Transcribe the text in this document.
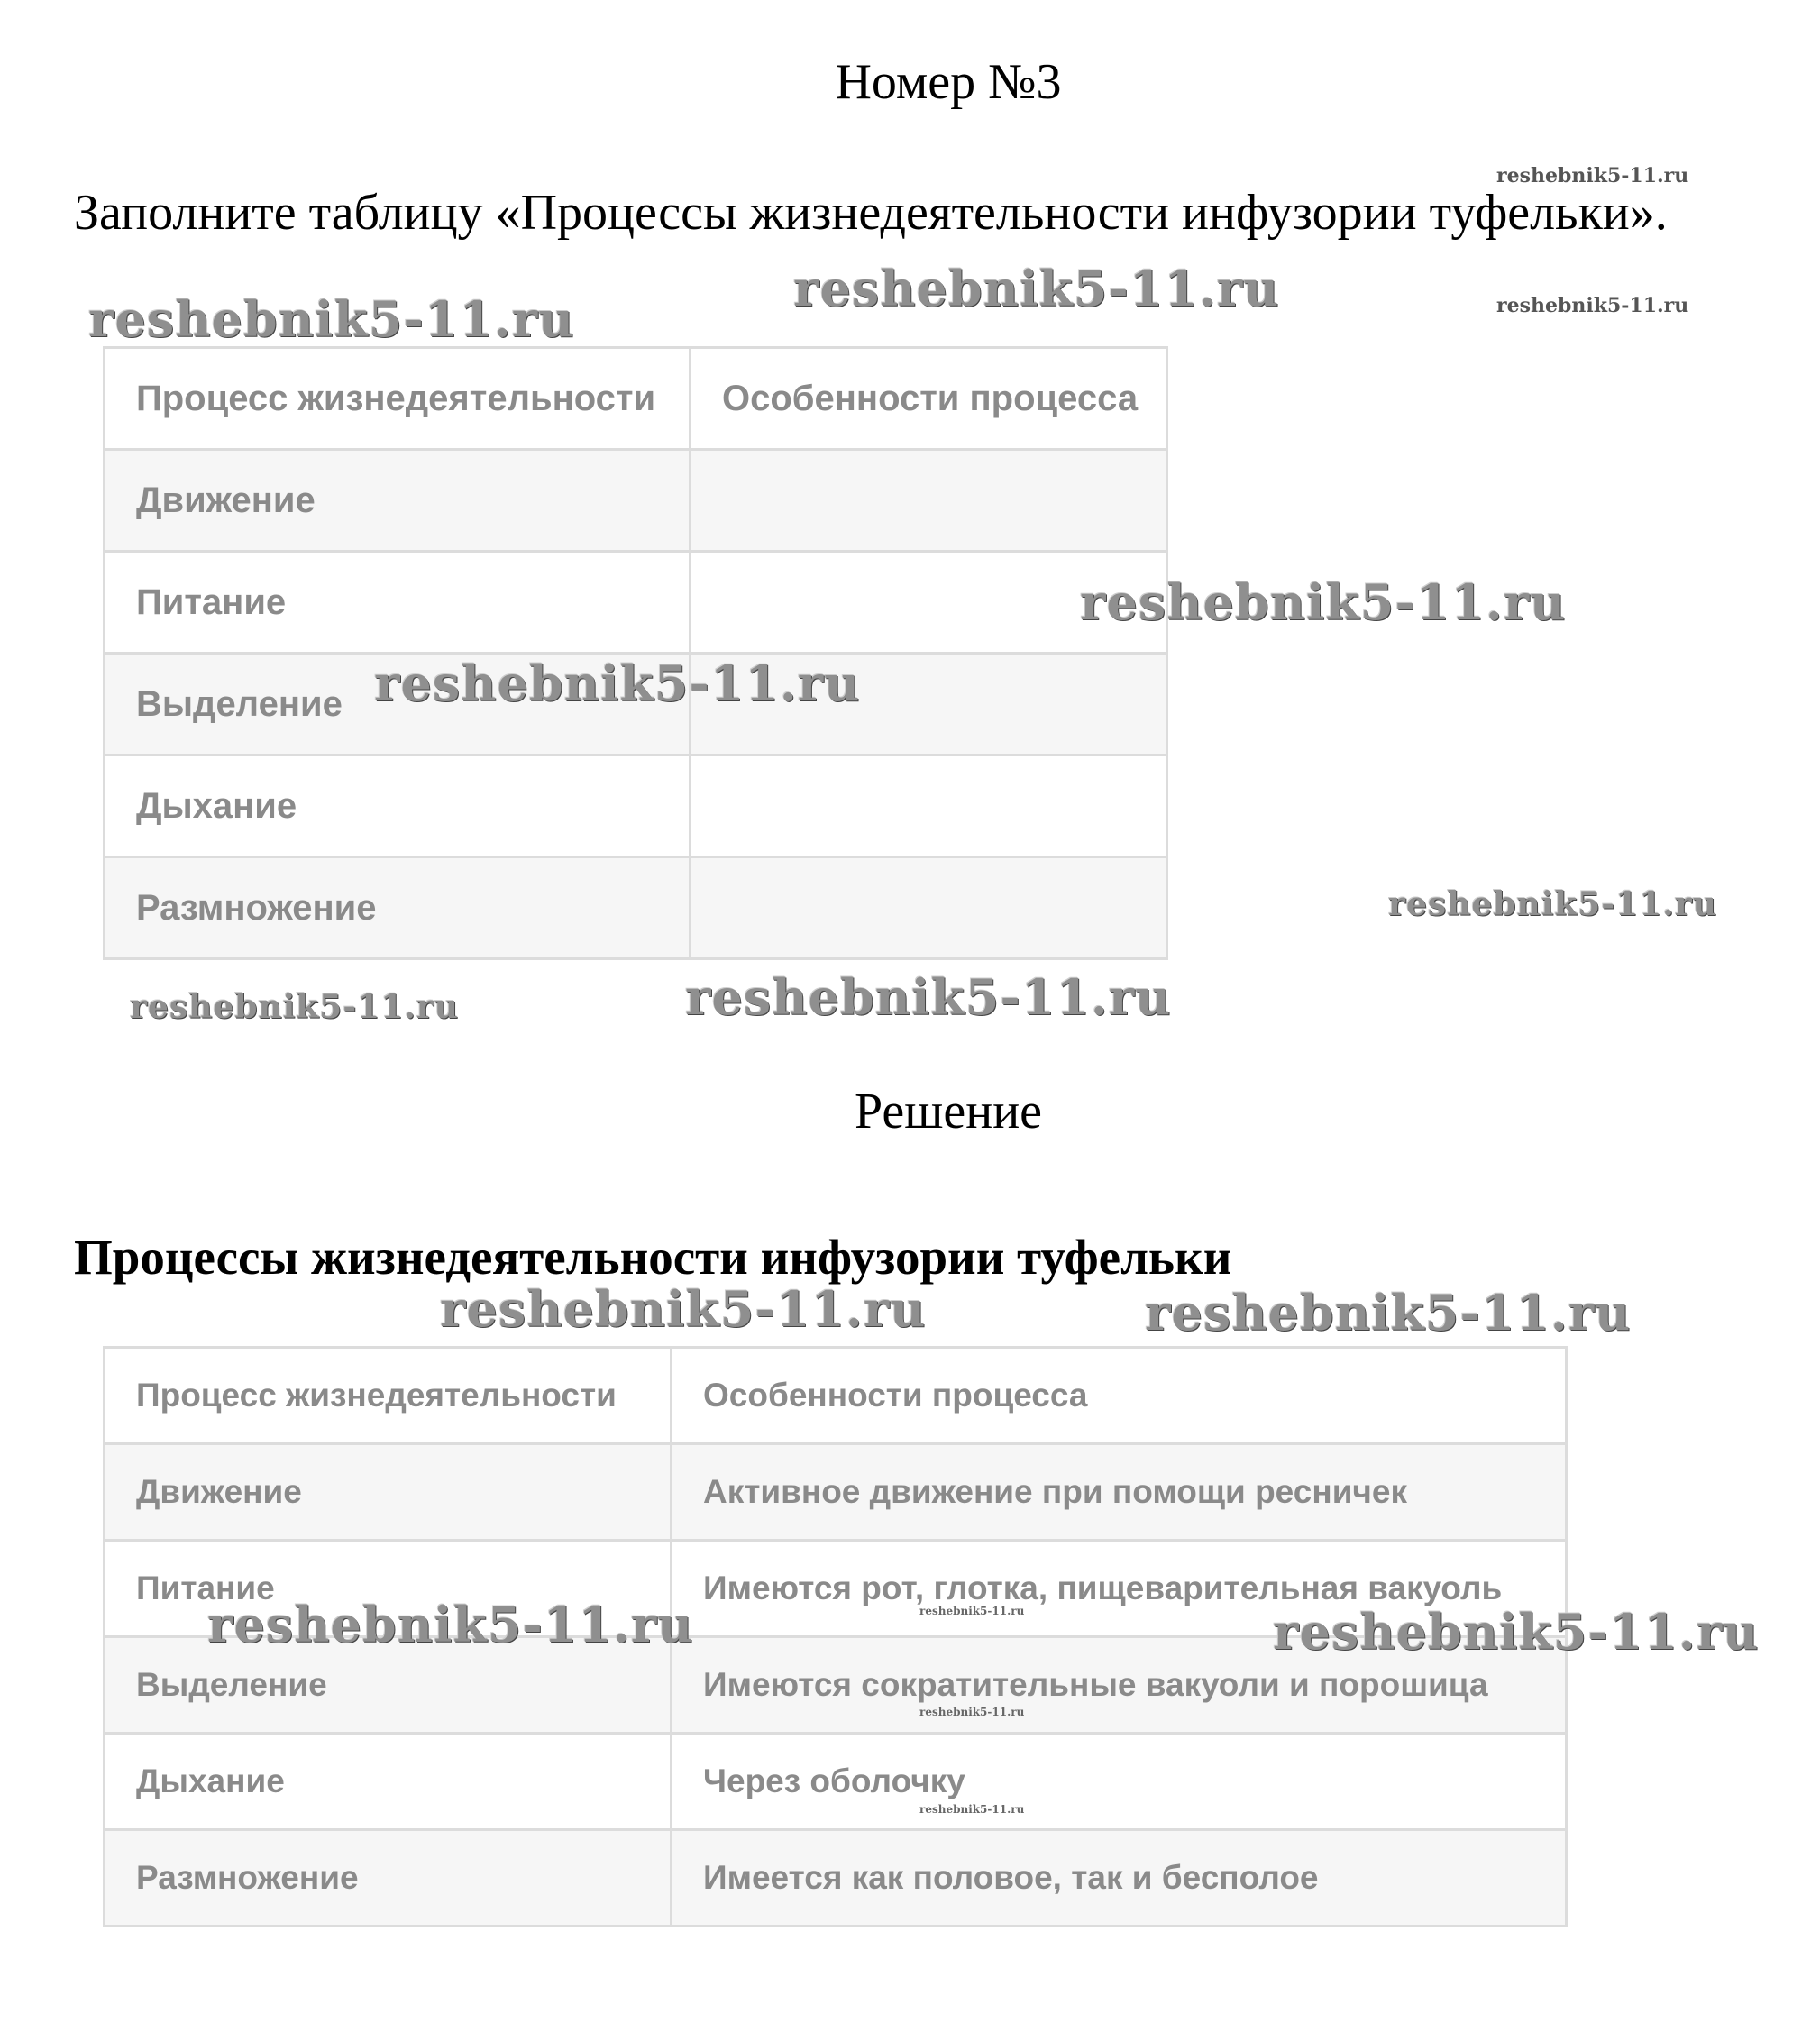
Номер №3
Заполните таблицу «Процессы жизнедеятельности инфузории туфельки».
Процесс жизнедеятельности	Особенности процесса
Движение	
Питание	
Выделение	
Дыхание	
Размножение	
Решение
Процессы жизнедеятельности инфузории туфельки
Процесс жизнедеятельности	Особенности процесса
Движение	Активное движение при помощи ресничек
Питание	Имеются рот, глотка, пищеварительная вакуоль
Выделение	Имеются сократительные вакуоли и порошица
Дыхание	Через оболочку
Размножение	Имеется как половое, так и бесполое
reshebnik5-11.ru
reshebnik5-11.ru	reshebnik5-11.ru
reshebnik5-11.ru
reshebnik5-11.ru
reshebnik5-11.ru
reshebnik5-11.ru
reshebnik5-11.ru	reshebnik5-11.ru
reshebnik5-11.ru	reshebnik5-11.ru
reshebnik5-11.ru	reshebnik5-11.ru
reshebnik5-11.ru
reshebnik5-11.ru
reshebnik5-11.ru
